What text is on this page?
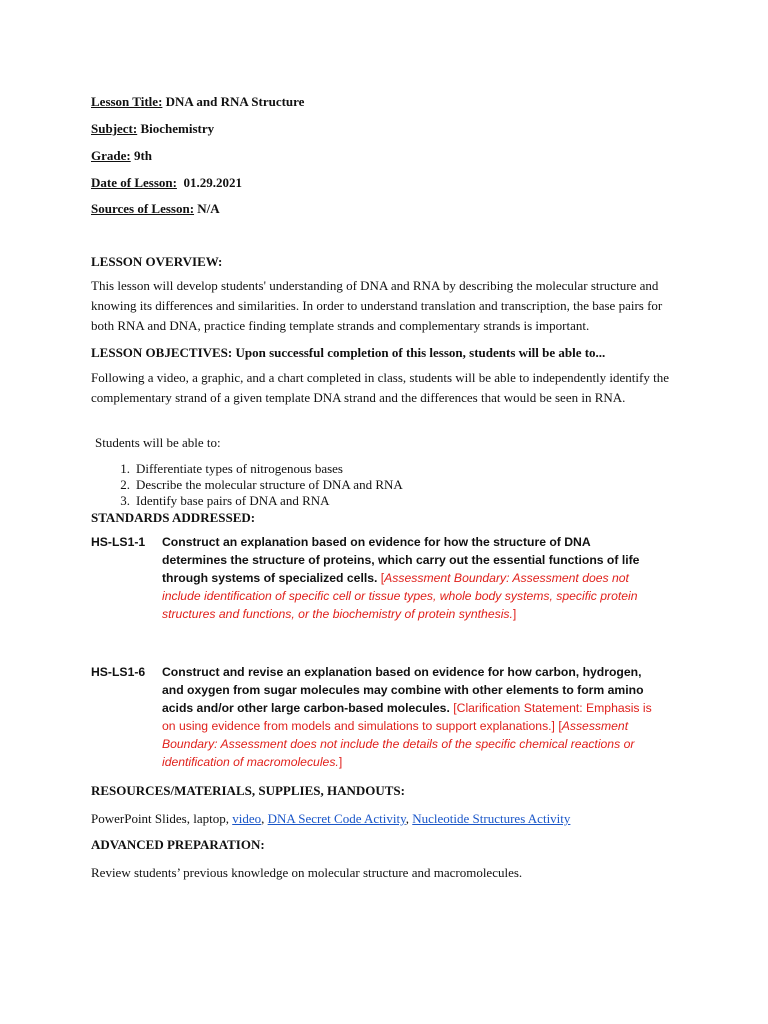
Lesson Title: DNA and RNA Structure
Subject: Biochemistry
Grade: 9th
Date of Lesson: 01.29.2021
Sources of Lesson: N/A
LESSON OVERVIEW:
This lesson will develop students' understanding of DNA and RNA by describing the molecular structure and knowing its differences and similarities. In order to understand translation and transcription, the base pairs for both RNA and DNA, practice finding template strands and complementary strands is important.
LESSON OBJECTIVES: Upon successful completion of this lesson, students will be able to...
Following a video, a graphic, and a chart completed in class, students will be able to independently identify the complementary strand of a given template DNA strand and the differences that would be seen in RNA.
Students will be able to:
1. Differentiate types of nitrogenous bases
2. Describe the molecular structure of DNA and RNA
3. Identify base pairs of DNA and RNA
STANDARDS ADDRESSED:
HS-LS1-1 Construct an explanation based on evidence for how the structure of DNA determines the structure of proteins, which carry out the essential functions of life through systems of specialized cells. [Assessment Boundary: Assessment does not include identification of specific cell or tissue types, whole body systems, specific protein structures and functions, or the biochemistry of protein synthesis.]
HS-LS1-6 Construct and revise an explanation based on evidence for how carbon, hydrogen, and oxygen from sugar molecules may combine with other elements to form amino acids and/or other large carbon-based molecules. [Clarification Statement: Emphasis is on using evidence from models and simulations to support explanations.] [Assessment Boundary: Assessment does not include the details of the specific chemical reactions or identification of macromolecules.]
RESOURCES/MATERIALS, SUPPLIES, HANDOUTS:
PowerPoint Slides, laptop, video, DNA Secret Code Activity, Nucleotide Structures Activity
ADVANCED PREPARATION:
Review students’ previous knowledge on molecular structure and macromolecules.
